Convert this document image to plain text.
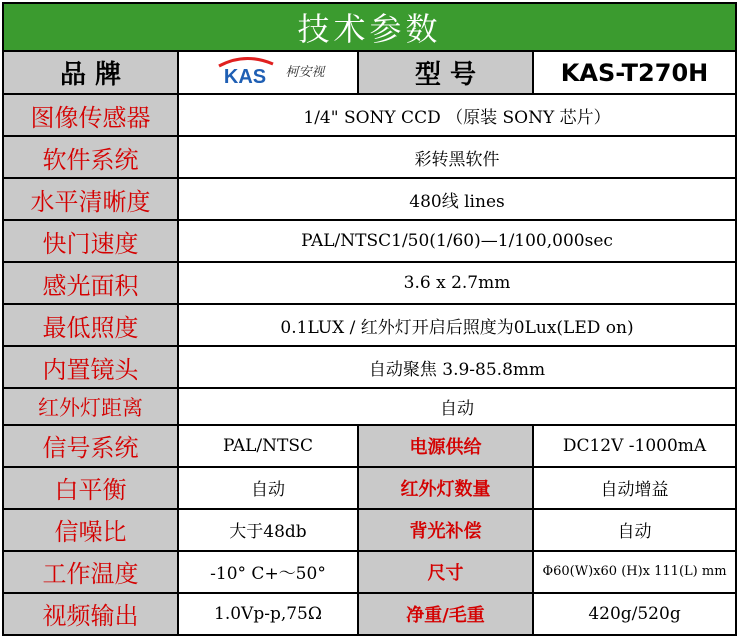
技术参数			
品 牌	KAS 柯安视	型 号	KAS-T270H
图像传感器	1/4" SONY CCD （原装 SONY 芯片）		
软件系统	彩转黑软件		
水平清晰度	480线 lines		
快门速度	PAL/NTSC1/50(1/60)—1/100,000sec		
感光面积	3.6 x 2.7mm		
最低照度	0.1LUX / 红外灯开启后照度为0Lux(LED on)		
内置镜头	自动聚焦 3.9-85.8mm		
红外灯距离	自动		
信号系统	PAL/NTSC	电源供给	DC12V -1000mA
白平衡	自动	红外灯数量	自动增益
信噪比	大于48db	背光补偿	自动
工作温度	-10° C+～50°	尺寸	Φ60(W)x60 (H)x 111(L) mm
视频输出	1.0Vp-p,75Ω	净重/毛重	420g/520g
